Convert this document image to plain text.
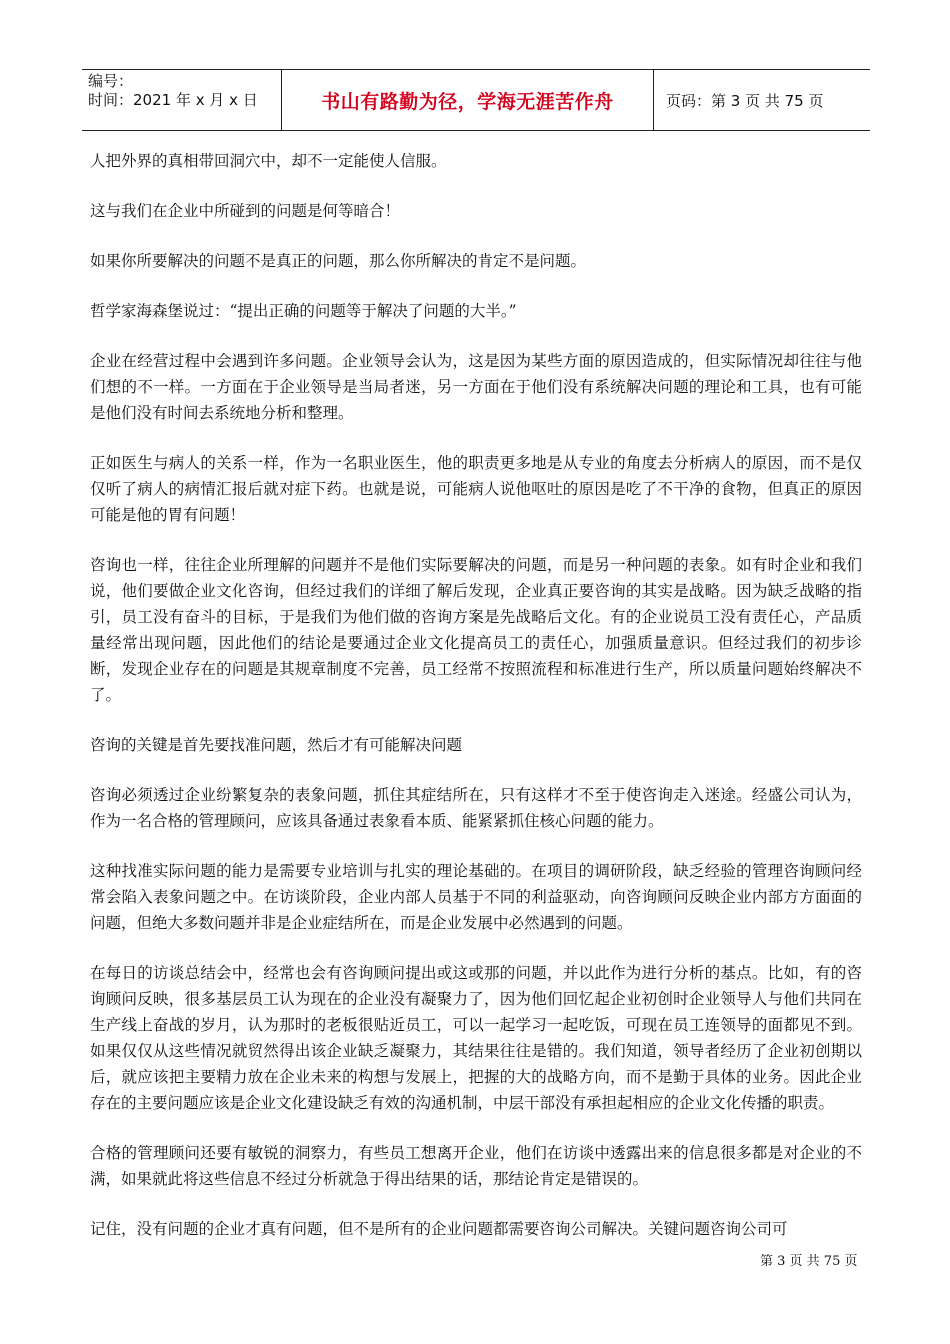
编号：
时间：2021 年 x 月 x 日	书山有路勤为径，学海无涯苦作舟	页码：第 3 页 共 75 页

人把外界的真相带回洞穴中，却不一定能使人信服。

这与我们在企业中所碰到的问题是何等暗合！

如果你所要解决的问题不是真正的问题，那么你所解决的肯定不是问题。

哲学家海森堡说过：“提出正确的问题等于解决了问题的大半。”

企业在经营过程中会遇到许多问题。企业领导会认为，这是因为某些方面的原因造成的，但实际情况却往往与他们想的不一样。一方面在于企业领导是当局者迷，另一方面在于他们没有系统解决问题的理论和工具，也有可能是他们没有时间去系统地分析和整理。

正如医生与病人的关系一样，作为一名职业医生，他的职责更多地是从专业的角度去分析病人的原因，而不是仅仅听了病人的病情汇报后就对症下药。也就是说，可能病人说他呕吐的原因是吃了不干净的食物，但真正的原因可能是他的胃有问题！

咨询也一样，往往企业所理解的问题并不是他们实际要解决的问题，而是另一种问题的表象。如有时企业和我们说，他们要做企业文化咨询，但经过我们的详细了解后发现，企业真正要咨询的其实是战略。因为缺乏战略的指引，员工没有奋斗的目标，于是我们为他们做的咨询方案是先战略后文化。有的企业说员工没有责任心，产品质量经常出现问题，因此他们的结论是要通过企业文化提高员工的责任心，加强质量意识。但经过我们的初步诊断，发现企业存在的问题是其规章制度不完善，员工经常不按照流程和标准进行生产，所以质量问题始终解决不了。

咨询的关键是首先要找准问题，然后才有可能解决问题

咨询必须透过企业纷繁复杂的表象问题，抓住其症结所在，只有这样才不至于使咨询走入迷途。经盛公司认为，作为一名合格的管理顾问，应该具备通过表象看本质、能紧紧抓住核心问题的能力。

这种找准实际问题的能力是需要专业培训与扎实的理论基础的。在项目的调研阶段，缺乏经验的管理咨询顾问经常会陷入表象问题之中。在访谈阶段，企业内部人员基于不同的利益驱动，向咨询顾问反映企业内部方方面面的问题，但绝大多数问题并非是企业症结所在，而是企业发展中必然遇到的问题。

在每日的访谈总结会中，经常也会有咨询顾问提出或这或那的问题，并以此作为进行分析的基点。比如，有的咨询顾问反映，很多基层员工认为现在的企业没有凝聚力了，因为他们回忆起企业初创时企业领导人与他们共同在生产线上奋战的岁月，认为那时的老板很贴近员工，可以一起学习一起吃饭，可现在员工连领导的面都见不到。如果仅仅从这些情况就贸然得出该企业缺乏凝聚力，其结果往往是错的。我们知道，领导者经历了企业初创期以后，就应该把主要精力放在企业未来的构想与发展上，把握的大的战略方向，而不是勤于具体的业务。因此企业存在的主要问题应该是企业文化建设缺乏有效的沟通机制，中层干部没有承担起相应的企业文化传播的职责。

合格的管理顾问还要有敏锐的洞察力，有些员工想离开企业，他们在访谈中透露出来的信息很多都是对企业的不满，如果就此将这些信息不经过分析就急于得出结果的话，那结论肯定是错误的。

记住，没有问题的企业才真有问题，但不是所有的企业问题都需要咨询公司解决。关键问题咨询公司可

第 3 页 共 75 页
